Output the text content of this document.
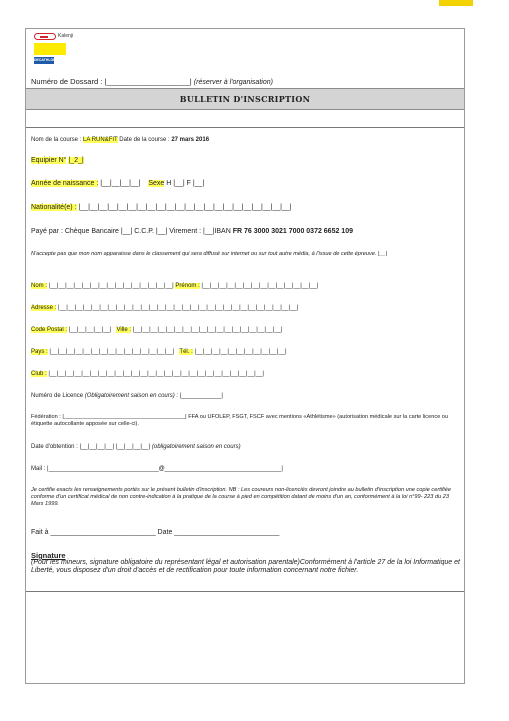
Kalenji
DECATHLON
Numéro de Dossard : |____________________| (réserver à l'organisation)
BULLETIN D'INSCRIPTION
Nom de la course : LA RUN&FIT Date de la course : 27 mars 2016
Equipier N° |_2_|
Année de naissance : |__|__|__|__| Sexe H |__| F |__|
Nationalité(e) : |__|__|__|__|__|__|__|__|__|__|__|__|__|__|__|__|__|__|__|__|__|__|
Payé par : Chèque Bancaire |__| C.C.P. |__| Virement : |__|IBAN FR 76 3000 3021 7000 0372 6652 109
N'accepte pas que mon nom apparaisse dans le classement qui sera diffusé sur internet ou sur tout autre média, à l'issue de cette épreuve. |__|
Nom : |__|__|__|__|__|__|__|__|__|__|__|__|__|__|__| Prénom : |__|__|__|__|__|__|__|__|__|__|__|__|__|__|
Adresse : |__|__|__|__|__|__|__|__|__|__|__|__|__|__|__|__|__|__|__|__|__|__|__|__|__|__|__|__|__|
Code Postal : |__|__|__|__|__| Ville : |__|__|__|__|__|__|__|__|__|__|__|__|__|__|__|__|__|__|
Pays : |__|__|__|__|__|__|__|__|__|__|__|__|__|__|__| Tél. : |__|__|__|__|__|__|__|__|__|__|__|
Club : |__|__|__|__|__|__|__|__|__|__|__|__|__|__|__|__|__|__|__|__|__|__|__|__|__|__|
Numéro de Licence (Obligatoirement saison en cours) : |____________|
Fédération : |_______________________________________| FFA ou UFOLEP, FSGT, FSCF avec mentions «Athlétisme» (autorisation médicale sur la carte licence ou étiquette autocollante apposée sur celle-ci).
Date d'obtention : |__|__|__|__| |__|__|__|__| (obligatoirement saison en cours)
Mail : |_________________________________@___________________________________|
Je certifie exacts les renseignements portés sur le présent bulletin d'inscription. NB : Les coureurs non-licenciés devront joindre au bulletin d'inscription une copie certifiée conforme d'un certificat médical de non contre-indication à la pratique de la course à pied en compétition datant de moins d'un an, conformément à la loi n°99- 223 du 23 Mars 1999.
Fait à ___________________________ Date ___________________________
Signature
(Pour les mineurs, signature obligatoire du représentant légal et autorisation parentale)Conformément à l'article 27 de la loi Informatique et Liberté, vous disposez d'un droit d'accès et de rectification pour toute information concernant notre fichier.
